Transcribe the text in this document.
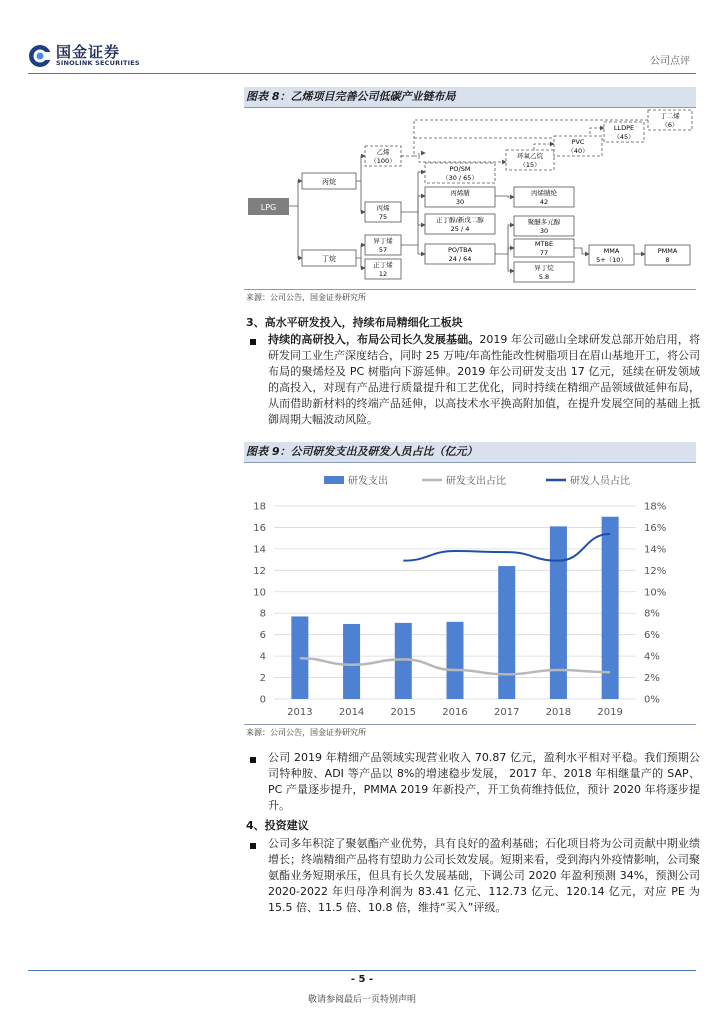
国金证券
SINOLINK SECURITIES	公司点评
图表 8：乙烯项目完善公司低碳产业链布局
LPG
丙烷
丁烷
乙烯
（100）
丙烯
75
异丁烯
57
正丁烯
12
PO/SM
（30 / 65）
环氧乙烷
（15）
PVC
（40）
LLDPE
（45）
丁二烯
（6）
丙烯腈
30
丙烯腈纶
42
正丁醇/新戊二醇
25 / 4
聚醚多元醇
30
PO/TBA
24 / 64
MTBE
77
异丁烷
5.8
MMA
5+（10）
PMMA
8
来源：公司公告，国金证券研究所
3、高水平研发投入，持续布局精细化工板块
持续的高研投入，布局公司长久发展基础。2019 年公司磁山全球研发总部开始启用，将研发同工业生产深度结合，同时 25 万吨/年高性能改性树脂项目在眉山基地开工，将公司布局的聚烯烃及 PC 树脂向下游延伸。2019 年公司研发支出 17 亿元，延续在研发领域的高投入，对现有产品进行质量提升和工艺优化，同时持续在精细产品领域做延伸布局，从而借助新材料的终端产品延伸，以高技术水平换高附加值，在提升发展空间的基础上抵御周期大幅波动风险。
图表 9：公司研发支出及研发人员占比（亿元）
研发支出	研发支出占比	研发人员占比
0
2
4
6
8
10
12
14
16
18
0%
2%
4%
6%
8%
10%
12%
14%
16%
18%
2013	2014	2015	2016	2017	2018	2019
来源：公司公告，国金证券研究所
公司 2019 年精细产品领域实现营业收入 70.87 亿元，盈利水平相对平稳。我们预期公司特种胺、ADI 等产品以 8%的增速稳步发展， 2017 年、2018 年相继量产的 SAP、PC 产量逐步提升，PMMA 2019 年新投产，开工负荷维持低位，预计 2020 年将逐步提升。
4、投资建议
公司多年积淀了聚氨酯产业优势，具有良好的盈利基础；石化项目将为公司贡献中期业绩增长；终端精细产品将有望助力公司长效发展。短期来看，受到海内外疫情影响，公司聚氨酯业务短期承压，但具有长久发展基础，下调公司 2020 年盈利预测 34%，预测公司 2020-2022 年归母净利润为 83.41 亿元、112.73 亿元、120.14 亿元，对应 PE 为 15.5 倍、11.5 倍、10.8 倍，维持“买入”评级。
- 5 -
敬请参阅最后一页特别声明
